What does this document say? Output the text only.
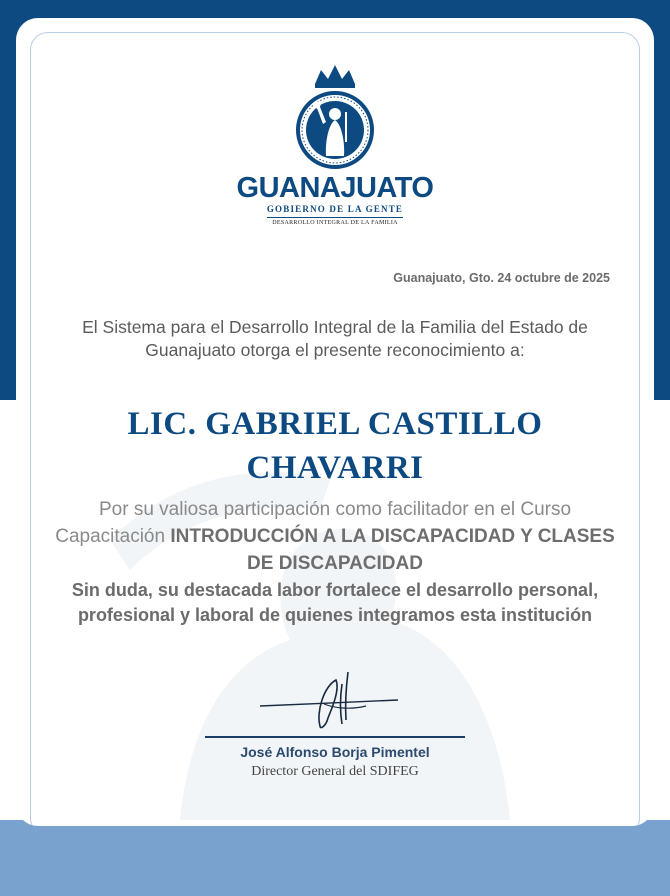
GUANAJUATO
GOBIERNO DE LA GENTE
DESARROLLO INTEGRAL DE LA FAMILIA
Guanajuato, Gto. 24 octubre de 2025
El Sistema para el Desarrollo Integral de la Familia del Estado de Guanajuato otorga el presente reconocimiento a:
LIC. GABRIEL CASTILLO
CHAVARRI
Por su valiosa participación como facilitador en el Curso Capacitación INTRODUCCIÓN A LA DISCAPACIDAD Y CLASES DE DISCAPACIDAD
Sin duda, su destacada labor fortalece el desarrollo personal, profesional y laboral de quienes integramos esta institución
José Alfonso Borja Pimentel
Director General del SDIFEG
